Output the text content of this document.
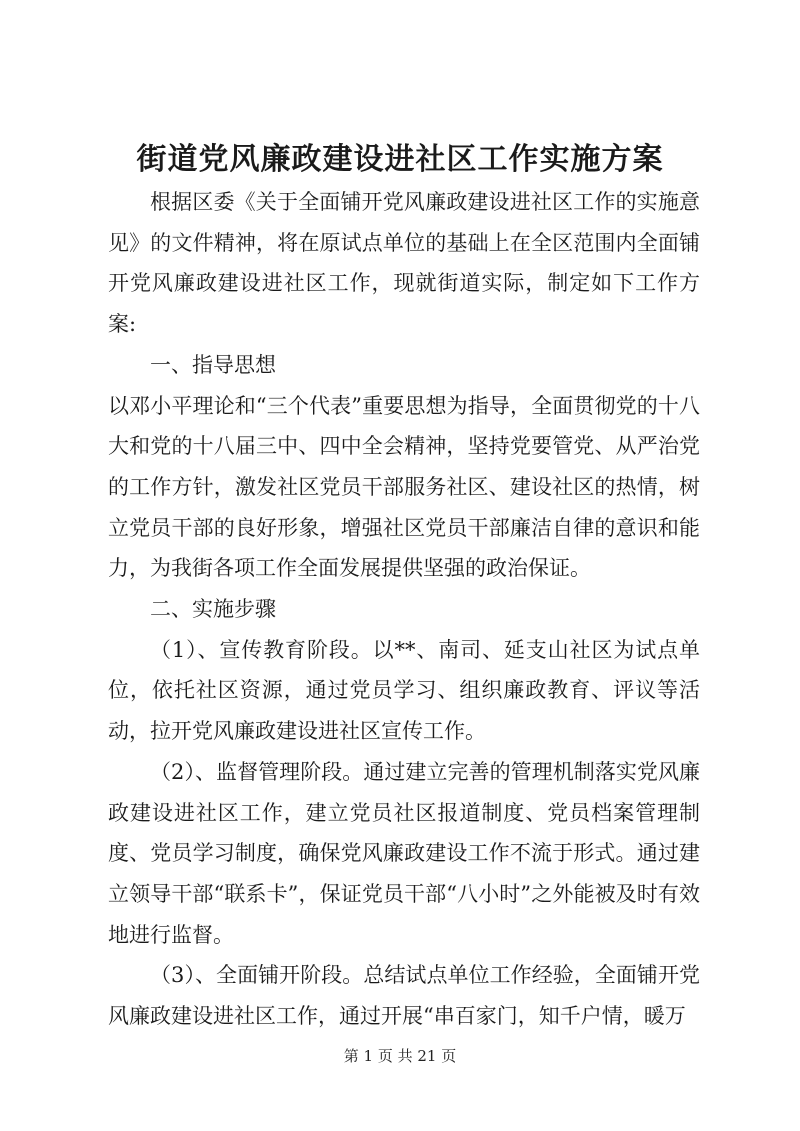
街道党风廉政建设进社区工作实施方案

根据区委《关于全面铺开党风廉政建设进社区工作的实施意见》的文件精神，将在原试点单位的基础上在全区范围内全面铺开党风廉政建设进社区工作，现就街道实际，制定如下工作方案:

一、指导思想

以邓小平理论和“三个代表”重要思想为指导，全面贯彻党的十八大和党的十八届三中、四中全会精神，坚持党要管党、从严治党的工作方针，激发社区党员干部服务社区、建设社区的热情，树立党员干部的良好形象，增强社区党员干部廉洁自律的意识和能力，为我街各项工作全面发展提供坚强的政治保证。

二、实施步骤

（1）、宣传教育阶段。以**、南司、延支山社区为试点单位，依托社区资源，通过党员学习、组织廉政教育、评议等活动，拉开党风廉政建设进社区宣传工作。

（2）、监督管理阶段。通过建立完善的管理机制落实党风廉政建设进社区工作，建立党员社区报道制度、党员档案管理制度、党员学习制度，确保党风廉政建设工作不流于形式。通过建立领导干部“联系卡”，保证党员干部“八小时”之外能被及时有效地进行监督。

（3）、全面铺开阶段。总结试点单位工作经验，全面铺开党风廉政建设进社区工作，通过开展“串百家门，知千户情，暖万

第 1 页 共 21 页
